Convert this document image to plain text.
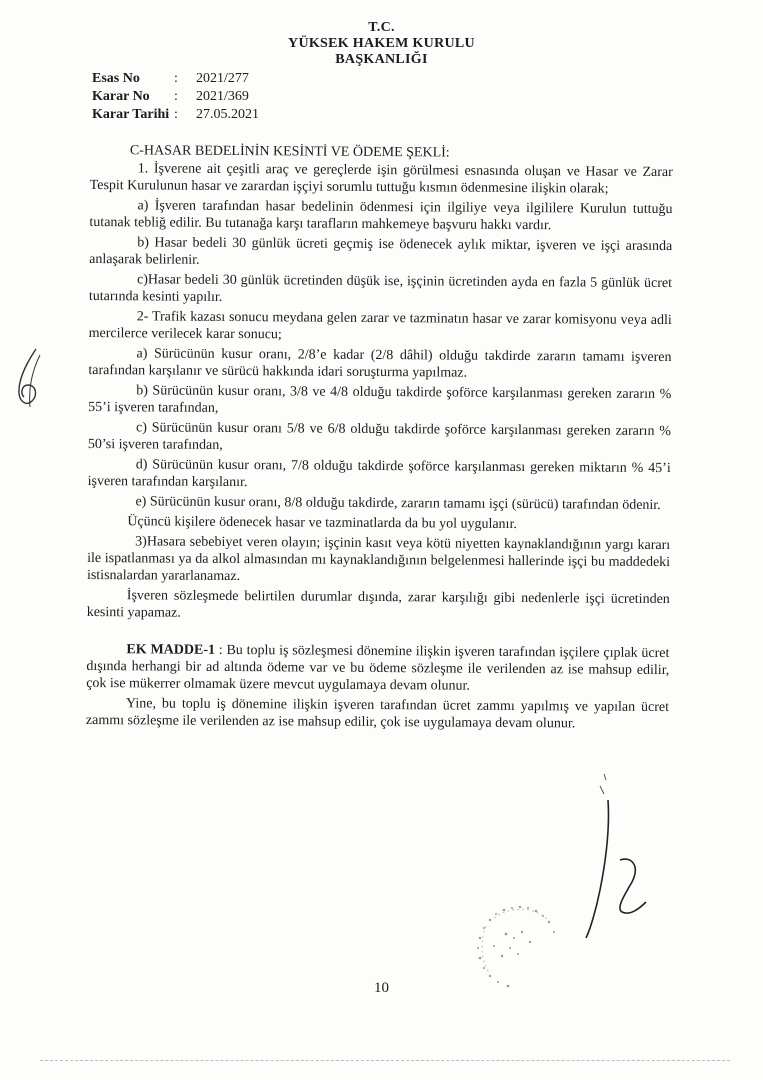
T.C.
YÜKSEK HAKEM KURULU
BAŞKANLIĞI
Esas No	:	2021/277
Karar No	:	2021/369
Karar Tarihi :	27.05.2021

C-HASAR BEDELİNİN KESİNTİ VE ÖDEME ŞEKLİ:

1. İşverene ait çeşitli araç ve gereçlerde işin görülmesi esnasında oluşan ve Hasar ve Zarar Tespit Kurulunun hasar ve zarardan işçiyi sorumlu tuttuğu kısmın ödenmesine ilişkin olarak;

a) İşveren tarafından hasar bedelinin ödenmesi için ilgiliye veya ilgililere Kurulun tuttuğu tutanak tebliğ edilir. Bu tutanağa karşı tarafların mahkemeye başvuru hakkı vardır.

b) Hasar bedeli 30 günlük ücreti geçmiş ise ödenecek aylık miktar, işveren ve işçi arasında anlaşarak belirlenir.

c)Hasar bedeli 30 günlük ücretinden düşük ise, işçinin ücretinden ayda en fazla 5 günlük ücret tutarında kesinti yapılır.

2- Trafik kazası sonucu meydana gelen zarar ve tazminatın hasar ve zarar komisyonu veya adli mercilerce verilecek karar sonucu;

a) Sürücünün kusur oranı, 2/8’e kadar (2/8 dâhil) olduğu takdirde zararın tamamı işveren tarafından karşılanır ve sürücü hakkında idari soruşturma yapılmaz.

b) Sürücünün kusur oranı, 3/8 ve 4/8 olduğu takdirde şoförce karşılanması gereken zararın % 55’i işveren tarafından,

c) Sürücünün kusur oranı 5/8 ve 6/8 olduğu takdirde şoförce karşılanması gereken zararın % 50’si işveren tarafından,

d) Sürücünün kusur oranı, 7/8 olduğu takdirde şoförce karşılanması gereken miktarın % 45’i işveren tarafından karşılanır.

e) Sürücünün kusur oranı, 8/8 olduğu takdirde, zararın tamamı işçi (sürücü) tarafından ödenir.

Üçüncü kişilere ödenecek hasar ve tazminatlarda da bu yol uygulanır.

3)Hasara sebebiyet veren olayın; işçinin kasıt veya kötü niyetten kaynaklandığının yargı kararı ile ispatlanması ya da alkol almasından mı kaynaklandığının belgelenmesi hallerinde işçi bu maddedeki istisnalardan yararlanamaz.

İşveren sözleşmede belirtilen durumlar dışında, zarar karşılığı gibi nedenlerle işçi ücretinden kesinti yapamaz.

EK MADDE-1 : Bu toplu iş sözleşmesi dönemine ilişkin işveren tarafından işçilere çıplak ücret dışında herhangi bir ad altında ödeme var ve bu ödeme sözleşme ile verilenden az ise mahsup edilir, çok ise mükerrer olmamak üzere mevcut uygulamaya devam olunur.

Yine, bu toplu iş dönemine ilişkin işveren tarafından ücret zammı yapılmış ve yapılan ücret zammı sözleşme ile verilenden az ise mahsup edilir, çok ise uygulamaya devam olunur.

10
